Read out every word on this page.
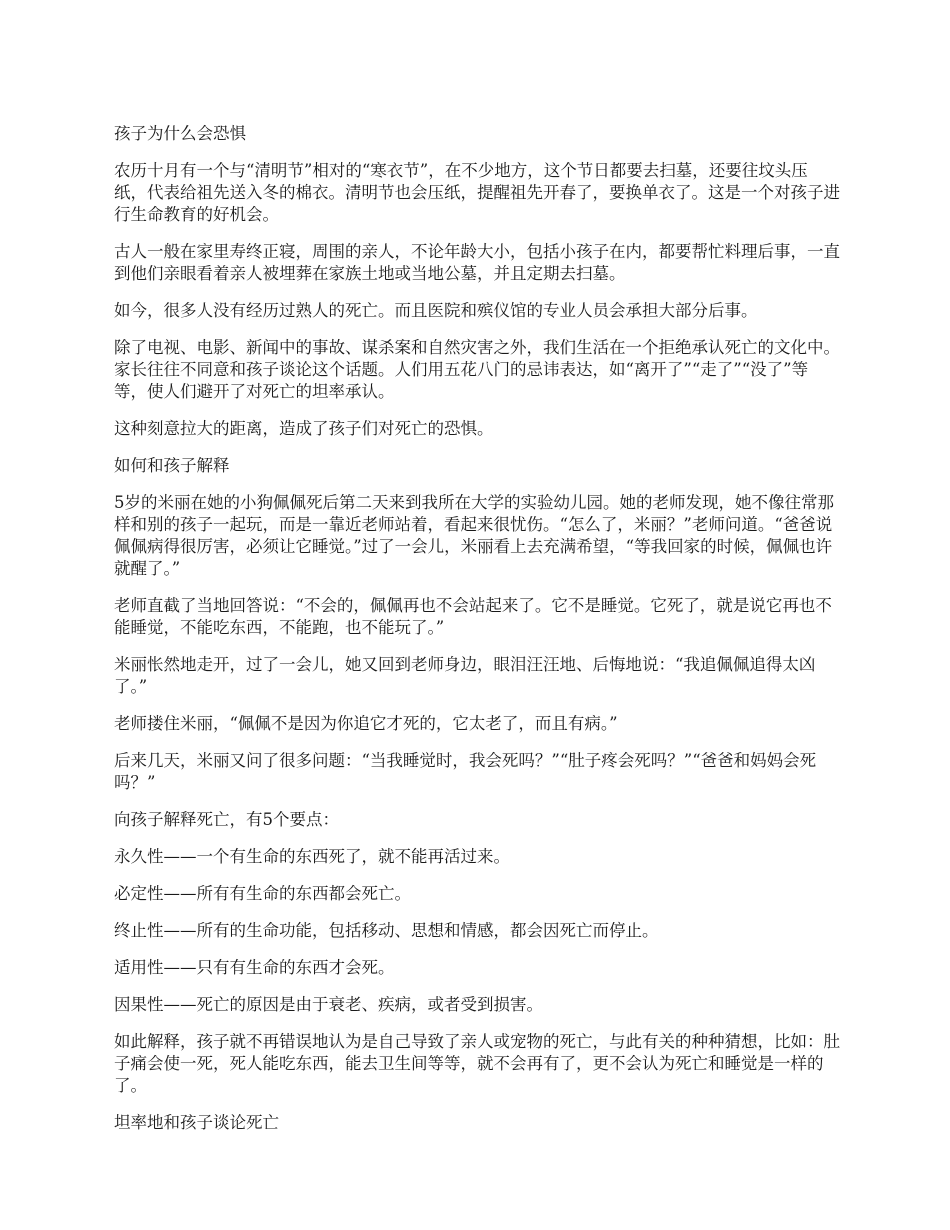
孩子为什么会恐惧

农历十月有一个与“清明节”相对的“寒衣节”，在不少地方，这个节日都要去扫墓，还要往坟头压纸，代表给祖先送入冬的棉衣。清明节也会压纸，提醒祖先开春了，要换单衣了。这是一个对孩子进行生命教育的好机会。

古人一般在家里寿终正寝，周围的亲人，不论年龄大小，包括小孩子在内，都要帮忙料理后事，一直到他们亲眼看着亲人被埋葬在家族土地或当地公墓，并且定期去扫墓。

如今，很多人没有经历过熟人的死亡。而且医院和殡仪馆的专业人员会承担大部分后事。

除了电视、电影、新闻中的事故、谋杀案和自然灾害之外，我们生活在一个拒绝承认死亡的文化中。家长往往不同意和孩子谈论这个话题。人们用五花八门的忌讳表达，如“离开了”“走了”“没了”等等，使人们避开了对死亡的坦率承认。

这种刻意拉大的距离，造成了孩子们对死亡的恐惧。

如何和孩子解释

5岁的米丽在她的小狗佩佩死后第二天来到我所在大学的实验幼儿园。她的老师发现，她不像往常那样和别的孩子一起玩，而是一靠近老师站着，看起来很忧伤。“怎么了，米丽？”老师问道。“爸爸说佩佩病得很厉害，必须让它睡觉。”过了一会儿，米丽看上去充满希望，“等我回家的时候，佩佩也许就醒了。”

老师直截了当地回答说：“不会的，佩佩再也不会站起来了。它不是睡觉。它死了，就是说它再也不能睡觉，不能吃东西，不能跑，也不能玩了。”

米丽怅然地走开，过了一会儿，她又回到老师身边，眼泪汪汪地、后悔地说：“我追佩佩追得太凶了。”

老师搂住米丽，“佩佩不是因为你追它才死的，它太老了，而且有病。”

后来几天，米丽又问了很多问题：“当我睡觉时，我会死吗？”“肚子疼会死吗？”“爸爸和妈妈会死吗？”

向孩子解释死亡，有5个要点：

永久性——一个有生命的东西死了，就不能再活过来。

必定性——所有有生命的东西都会死亡。

终止性——所有的生命功能，包括移动、思想和情感，都会因死亡而停止。

适用性——只有有生命的东西才会死。

因果性——死亡的原因是由于衰老、疾病，或者受到损害。

如此解释，孩子就不再错误地认为是自己导致了亲人或宠物的死亡，与此有关的种种猜想，比如：肚子痛会使一死，死人能吃东西，能去卫生间等等，就不会再有了，更不会认为死亡和睡觉是一样的了。

坦率地和孩子谈论死亡
